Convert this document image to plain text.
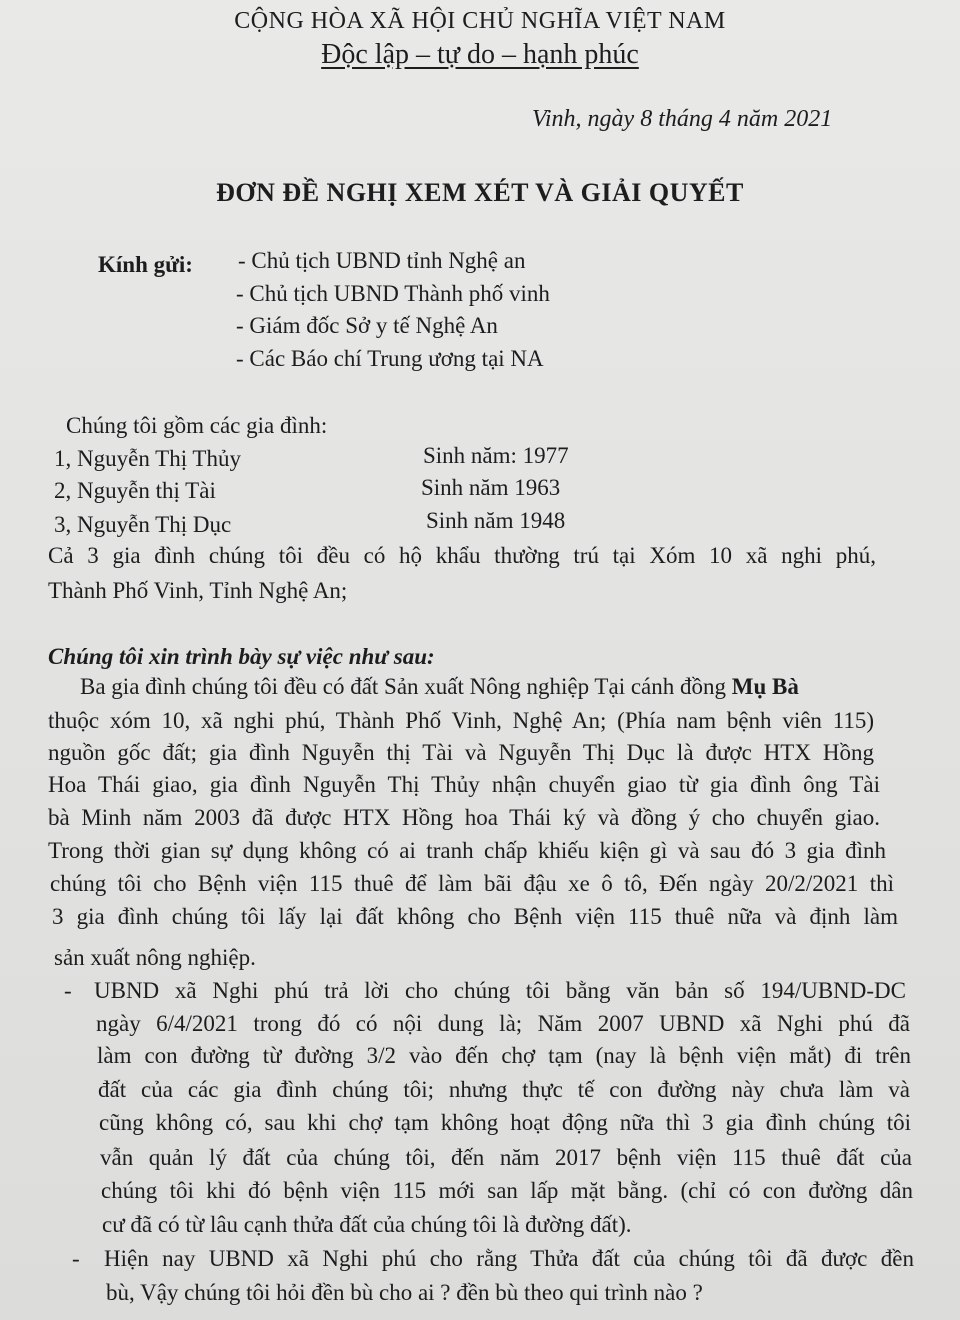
CỘNG HÒA XÃ HỘI CHỦ NGHĨA VIỆT NAM
Độc lập – tự do – hạnh phúc
Vinh, ngày 8 tháng 4 năm 2021
ĐƠN ĐỀ NGHỊ XEM XÉT VÀ GIẢI QUYẾT
Kính gửi: - Chủ tịch UBND tỉnh Nghệ an
- Chủ tịch UBND Thành phố vinh
- Giám đốc Sở y tế Nghệ An
- Các Báo chí Trung ương tại NA
Chúng tôi gồm các gia đình:
1, Nguyễn Thị Thủy	Sinh năm: 1977
2, Nguyễn thị Tài	Sinh năm 1963
3, Nguyễn Thị Dục	Sinh năm 1948
Cả 3 gia đình chúng tôi đều có hộ khẩu thường trú tại Xóm 10 xã nghi phú,
Thành Phố Vinh, Tỉnh Nghệ An;
Chúng tôi xin trình bày sự việc như sau:
Ba gia đình chúng tôi đều có đất Sản xuất Nông nghiệp Tại cánh đồng Mụ Bà
thuộc xóm 10, xã nghi phú, Thành Phố Vinh, Nghệ An; (Phía nam bệnh viên 115)
nguồn gốc đất; gia đình Nguyễn thị Tài và Nguyễn Thị Dục là được HTX Hồng
Hoa Thái giao, gia đình Nguyễn Thị Thủy nhận chuyển giao từ gia đình ông Tài
bà Minh năm 2003 đã được HTX Hồng hoa Thái ký và đồng ý cho chuyển giao.
Trong thời gian sự dụng không có ai tranh chấp khiếu kiện gì và sau đó 3 gia đình
chúng tôi cho Bệnh viện 115 thuê để làm bãi đậu xe ô tô, Đến ngày 20/2/2021 thì
3 gia đình chúng tôi lấy lại đất không cho Bệnh viện 115 thuê nữa và định làm
sản xuất nông nghiệp.
- UBND xã Nghi phú trả lời cho chúng tôi bằng văn bản số 194/UBND-DC
ngày 6/4/2021 trong đó có nội dung là; Năm 2007 UBND xã Nghi phú đã
làm con đường từ đường 3/2 vào đến chợ tạm (nay là bệnh viện mắt) đi trên
đất của các gia đình chúng tôi; nhưng thực tế con đường này chưa làm và
cũng không có, sau khi chợ tạm không hoạt động nữa thì 3 gia đình chúng tôi
vẫn quản lý đất của chúng tôi, đến năm 2017 bệnh viện 115 thuê đất của
chúng tôi khi đó bệnh viện 115 mới san lấp mặt bằng. (chỉ có con đường dân
cư đã có từ lâu cạnh thửa đất của chúng tôi là đường đất).
- Hiện nay UBND xã Nghi phú cho rằng Thửa đất của chúng tôi đã được đền
bù, Vậy chúng tôi hỏi đền bù cho ai ? đền bù theo qui trình nào ?
